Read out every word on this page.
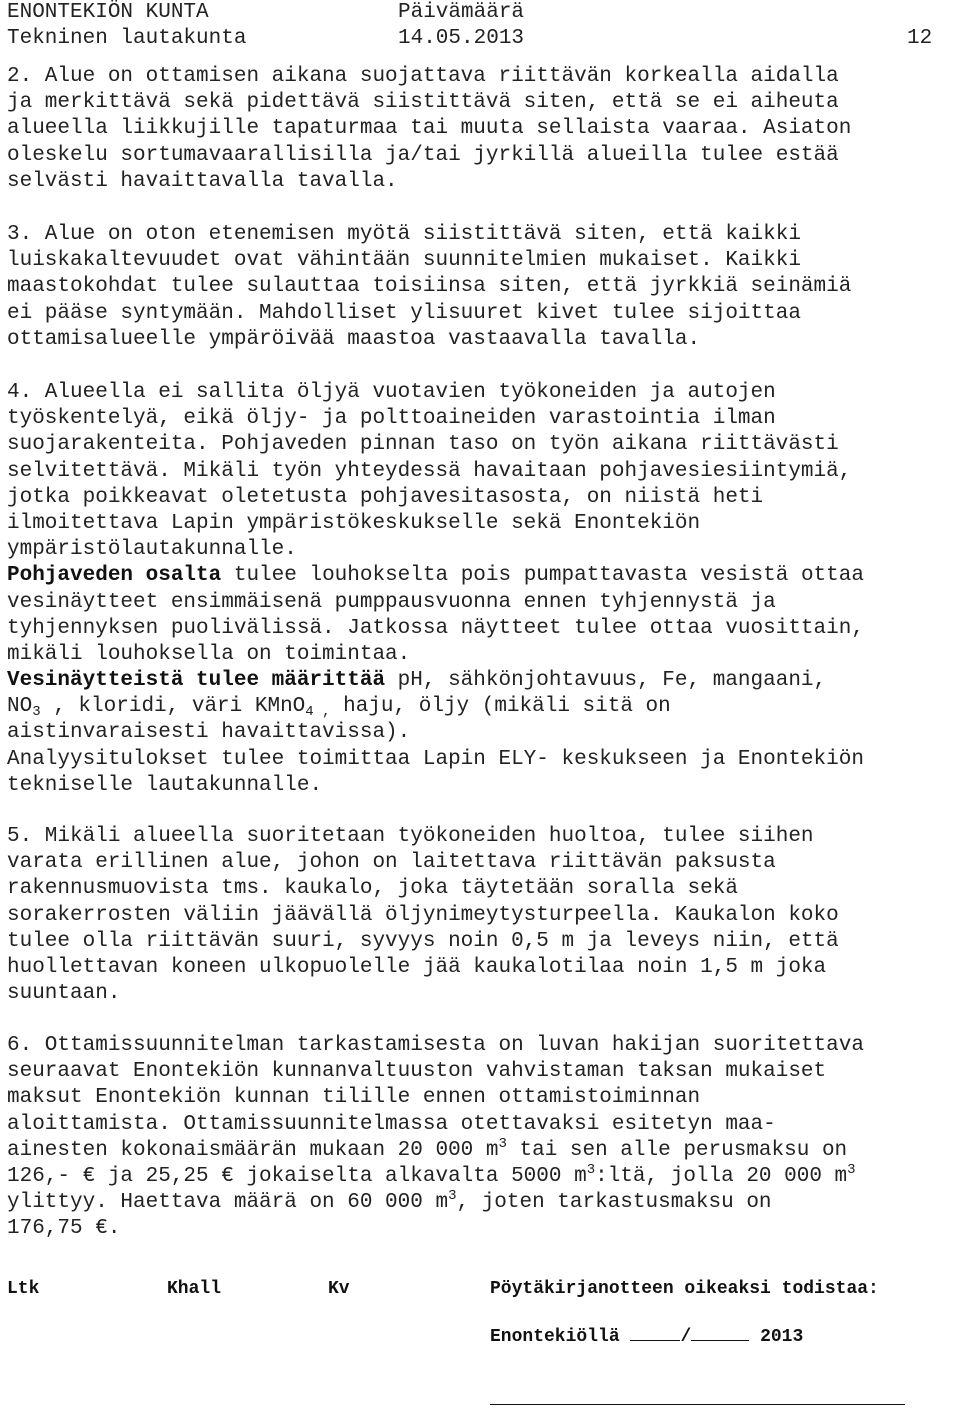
ENONTEKIÖN KUNTA	Päivämäärä
Tekninen lautakunta	14.05.2013	12
2. Alue on ottamisen aikana suojattava riittävän korkealla aidalla
ja merkittävä sekä pidettävä siistittävä siten, että se ei aiheuta
alueella liikkujille tapaturmaa tai muuta sellaista vaaraa. Asiaton
oleskelu sortumavaarallisilla ja/tai jyrkillä alueilla tulee estää
selvästi havaittavalla tavalla.
3. Alue on oton etenemisen myötä siistittävä siten, että kaikki
luiskakaltevuudet ovat vähintään suunnitelmien mukaiset. Kaikki
maastokohdat tulee sulauttaa toisiinsa siten, että jyrkkiä seinämiä
ei pääse syntymään. Mahdolliset ylisuuret kivet tulee sijoittaa
ottamisalueelle ympäröivää maastoa vastaavalla tavalla.
4. Alueella ei sallita öljyä vuotavien työkoneiden ja autojen
työskentelyä, eikä öljy- ja polttoaineiden varastointia ilman
suojarakenteita. Pohjaveden pinnan taso on työn aikana riittävästi
selvitettävä. Mikäli työn yhteydessä havaitaan pohjavesiesiintymiä,
jotka poikkeavat oletetusta pohjavesitasosta, on niistä heti
ilmoitettava Lapin ympäristökeskukselle sekä Enontekiön
ympäristölautakunnalle.
Pohjaveden osalta tulee louhokselta pois pumpattavasta vesistä ottaa
vesinäytteet ensimmäisenä pumppausvuonna ennen tyhjennystä ja
tyhjennyksen puolivälissä. Jatkossa näytteet tulee ottaa vuosittain,
mikäli louhoksella on toimintaa.
Vesinäytteistä tulee määrittää pH, sähkönjohtavuus, Fe, mangaani,
$NO_3$ , kloridi, väri KMnO$_{4 ,}$ haju, öljy (mikäli sitä on
aistinvaraisesti havaittavissa).
Analyysitulokset tulee toimittaa Lapin ELY- keskukseen ja Enontekiön
tekniselle lautakunnalle.
5. Mikäli alueella suoritetaan työkoneiden huoltoa, tulee siihen
varata erillinen alue, johon on laitettava riittävän paksusta
rakennusmuovista tms. kaukalo, joka täytetään soralla sekä
sorakerrosten väliin jäävällä öljynimeytysturpeella. Kaukalon koko
tulee olla riittävän suuri, syvyys noin 0,5 m ja leveys niin, että
huollettavan koneen ulkopuolelle jää kaukalotilaa noin 1,5 m joka
suuntaan.
6. Ottamissuunnitelman tarkastamisesta on luvan hakijan suoritettava
seuraavat Enontekiön kunnanvaltuuston vahvistaman taksan mukaiset
maksut Enontekiön kunnan tilille ennen ottamistoiminnan
aloittamista. Ottamissuunnitelmassa otettavaksi esitetyn maa-
ainesten kokonaismäärän mukaan 20 000 $m^3$ tai sen alle perusmaksu on
126,- € ja 25,25 € jokaiselta alkavalta 5000 $m^3:ltä$, jolla 20 000 $m^3$
ylittyy. Haettava määrä on 60 000 $m^3$, joten tarkastusmaksu on
176,75 €.
Ltk	Khall	Kv	Pöytäkirjanotteen oikeaksi todistaa:
Enontekiöllä	/	2013
